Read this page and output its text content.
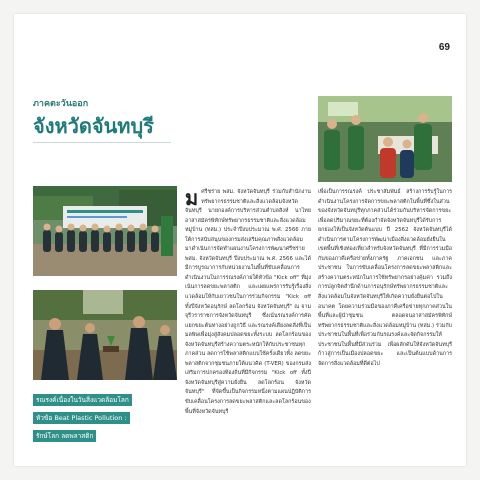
69
ภาคตะวันออก
จังหวัดจันทบุรี
รณรงค์เนื่องในวันสิ่งแวดล้อมโลก
หัวข้อ Beat Plastic Pollution :
รักษ์โลก ลดพลาสติก
ม ศรีชร่าย พสม. จังหวัดจันทบุรี ร่วมกับสำนักงานทรัพยากรธรรมชาติและสิ่งแวดล้อมจังหวัดจันทบุรี นายกองค์การบริหารส่วนตำบลสิงห์ นาไทยอาสาสมัครพิทักษ์ทรัพยากรธรรมชาติและสิ่งแวดล้อมหมู่บ้าน (ทสม.) ประจำปีงบประมาณ พ.ศ. 2566 ภายใต้การสนับสนุนของกรมส่งเสริมคุณภาพสิ่งแวดล้อม มาดำเนินการจัดทำแผนงานโครงการพัฒนาศรีชร่าย พสม. จังหวัดจันทบุรี ปีงบประมาณ พ.ศ. 2566 และได้มีการบูรณาการกับหน่วยงานในพื้นที่ขับเคลื่อนการดำเนินงานในการรณรงค์ภายใต้หัวข้อ "Kick off" ที่มุ่งเน้นการลดขยะพลาสติก และเผยแพร่การรับรู้เรื่องสิ่งแวดล้อมให้กับเยาวชนในการร่วมกิจกรรม "Kick off ทั้งปีจังหวัดอนุรักษ์ ลดโลกร้อน จังหวัดจันทบุรี" ณ จามจุรีวราราชการจังหวัดจันทบุรี ซึ่งเน้นรณรงค์การคัดแยกขยะต้นทางอย่างถูกวิธี และรณรงค์เสียงลดสิ่งที่เป็นมลพิษเพื่อมุ่งสู่สังคมปลอดขยะทั้งระบบ ลดโลกร้อนของจังหวัดจันทบุรีสร้างความตระหนักให้กับประชาชนทุกภาคส่วน ลดการใช้พลาสติกแบบใช้ครั้งเดียวทิ้ง ลดขยะพลาสติกจากชุมชนภายใต้แนวคิด (T-VER) ของกรมส่งเสริมการปกครองท้องถิ่นที่มีกิจกรรม "Kick off ทั้งปีจังหวัดจันทบุรีสู่ความยั่งยืน ลดโลกร้อน จังหวัดจันทบุรี" ที่จัดขึ้นเป็นกิจกรรมหนึ่งตามแผนปฏิบัติการขับเคลื่อนโครงการลดขยะพลาสติกและลดโลกร้อนของพื้นที่จังหวัดจันทบุรี

เพื่อเป็นการรณรงค์ ประชาสัมพันธ์ สร้างการรับรู้ในการดำเนินงานโครงการจัดการขยะพลาสติกในพื้นที่ซึ่งในส่วนของจังหวัดจันทบุรีทุกภาคส่วนได้ร่วมกันบริหารจัดการขยะเพื่อลดปริมาณขยะที่ต้องกำจัดจังหวัดจันทบุรีได้รับการยกย่องให้เป็นจังหวัดต้นแบบ ปี 2562 จังหวัดจันทบุรีได้ดำเนินการตามโครงการพัฒนาเมืองสิ่งแวดล้อมยั่งยืนในเขตพื้นที่เชิงท่องเที่ยวสำหรับจังหวัดจันทบุรี ที่มีการร่วมมือกันของภาคีเครือข่ายทั้งภาครัฐ ภาคเอกชน และภาคประชาชน ในการขับเคลื่อนโครงการลดขยะพลาสติกและสร้างความตระหนักในการใช้ทรัพยากรอย่างคุ้มค่า รวมถึงการปลูกจิตสำนึกด้านการอนุรักษ์ทรัพยากรธรรมชาติและสิ่งแวดล้อมในจังหวัดจันทบุรีให้เกิดความยั่งยืนต่อไปในอนาคต โดยความร่วมมือของภาคีเครือข่ายทุกภาคส่วนในพื้นที่และผู้นำชุมชน ตลอดจนอาสาสมัครพิทักษ์ทรัพยากรธรรมชาติและสิ่งแวดล้อมหมู่บ้าน (ทสม.) ร่วมกับประชาชนในพื้นที่เพื่อร่วมกันรณรงค์และจัดกิจกรรมให้ประชาชนในพื้นที่มีส่วนร่วม เพื่อผลักดันให้จังหวัดจันทบุรีก้าวสู่การเป็นเมืองปลอดขยะ และเป็นต้นแบบด้านการจัดการสิ่งแวดล้อมที่ดีต่อไป
